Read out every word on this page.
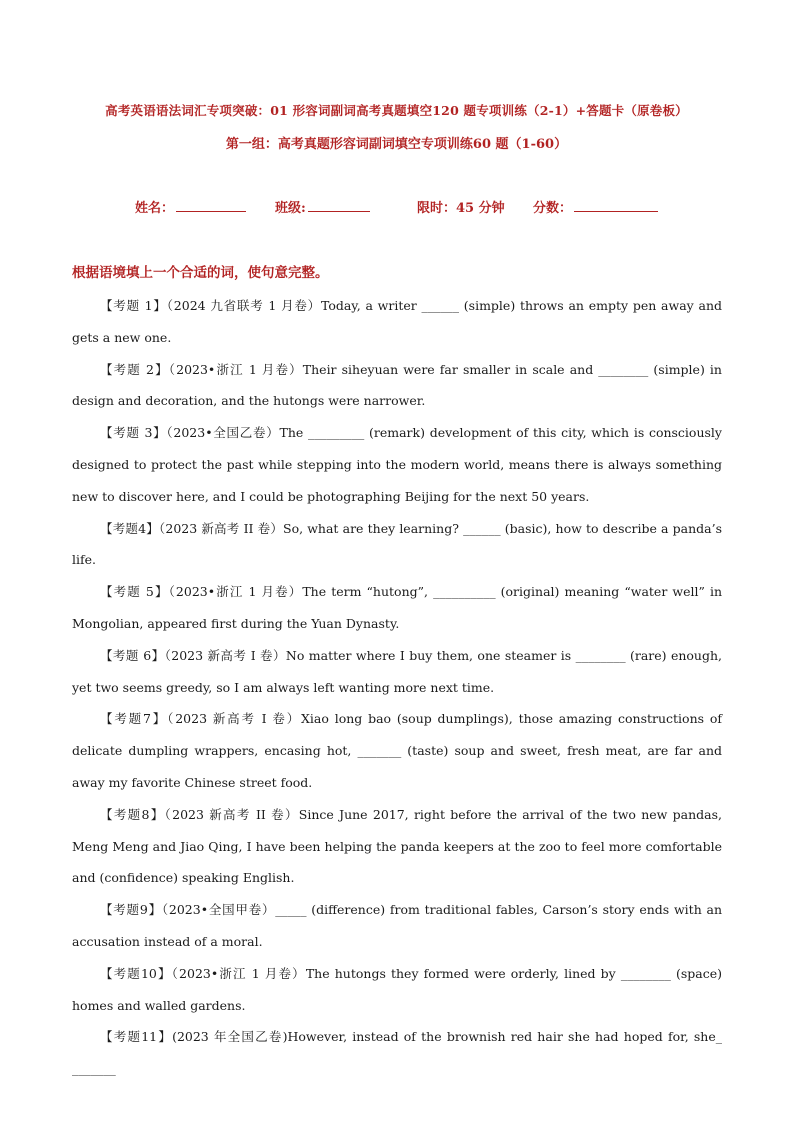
高考英语语法词汇专项突破：01 形容词副词高考真题填空120 题专项训练（2-1）+答题卡（原卷板）
第一组：高考真题形容词副词填空专项训练60 题（1-60）
姓名：	班级:	限时：45 分钟 分数：
根据语境填上一个合适的词，使句意完整。

【考题 1】（2024 九省联考 1 月卷）Today, a writer ______ (simple) throws an empty pen away and gets a new one.

【考题 2】（2023•浙江 1 月卷）Their siheyuan were far smaller in scale and ________ (simple) in design and decoration, and the hutongs were narrower.

【考题 3】（2023•全国乙卷）The _________ (remark) development of this city, which is consciously designed to protect the past while stepping into the modern world, means there is always something new to discover here, and I could be photographing Beijing for the next 50 years.

【考题4】（2023 新高考 II 卷）So, what are they learning? ______ (basic), how to describe a panda’s life.

【考题 5】（2023•浙江 1 月卷）The term “hutong”, __________ (original) meaning “water well” in Mongolian, appeared first during the Yuan Dynasty.

【考题 6】（2023 新高考 I 卷）No matter where I buy them, one steamer is ________ (rare) enough, yet two seems greedy, so I am always left wanting more next time.

【考题7】（2023 新高考 I 卷）Xiao long bao (soup dumplings), those amazing constructions of delicate dumpling wrappers, encasing hot, _______ (taste) soup and sweet, fresh meat, are far and away my favorite Chinese street food.

【考题8】（2023 新高考 II 卷）Since June 2017, right before the arrival of the two new pandas, Meng Meng and Jiao Qing, I have been helping the panda keepers at the zoo to feel more comfortable and (confidence) speaking English.

【考题9】（2023•全国甲卷）_____ (difference) from traditional fables, Carson’s story ends with an accusation instead of a moral.

【考题10】（2023•浙江 1 月卷）The hutongs they formed were orderly, lined by ________ (space) homes and walled gardens.

【考题11】(2023 年全国乙卷)However, instead of the brownish red hair she had hoped for, she_ _______
